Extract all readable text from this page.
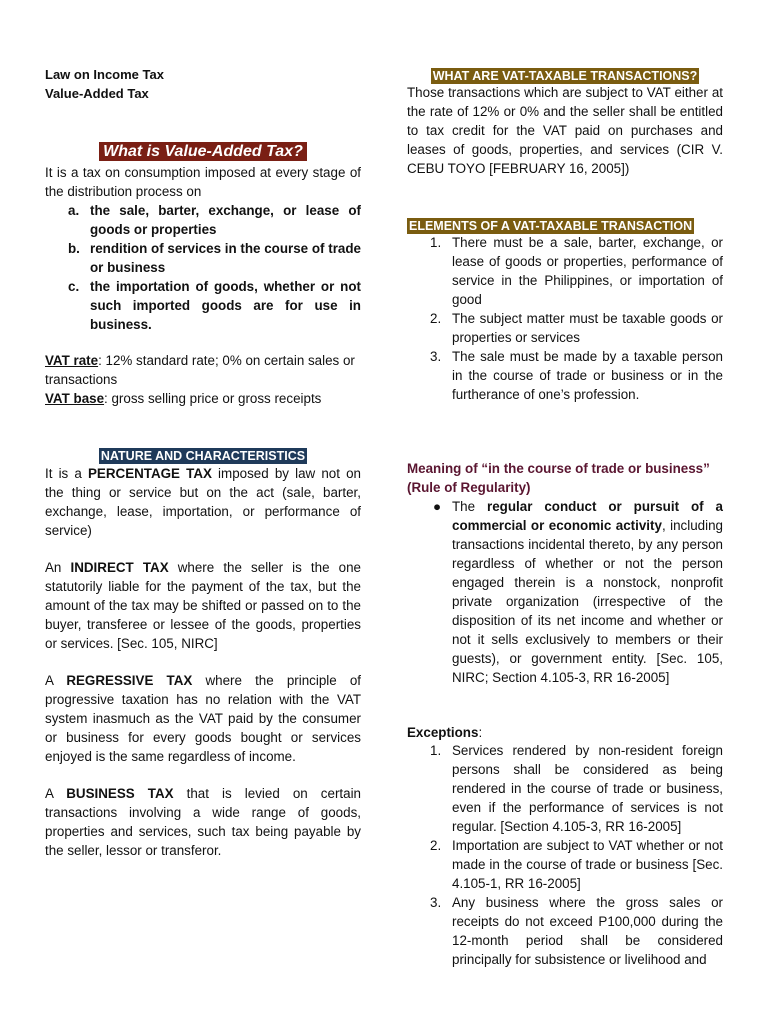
Law on Income Tax
Value-Added Tax
What is Value-Added Tax?

It is a tax on consumption imposed at every stage of the distribution process on

a. the sale, barter, exchange, or lease of goods or properties
b. rendition of services in the course of trade or business
c. the importation of goods, whether or not such imported goods are for use in business.

VAT rate: 12% standard rate; 0% on certain sales or transactions

VAT base: gross selling price or gross receipts

NATURE AND CHARACTERISTICS

It is a PERCENTAGE TAX imposed by law not on the thing or service but on the act (sale, barter, exchange, lease, importation, or performance of service)

An INDIRECT TAX where the seller is the one statutorily liable for the payment of the tax, but the amount of the tax may be shifted or passed on to the buyer, transferee or lessee of the goods, properties or services. [Sec. 105, NIRC]

A REGRESSIVE TAX where the principle of progressive taxation has no relation with the VAT system inasmuch as the VAT paid by the consumer or business for every goods bought or services enjoyed is the same regardless of income.

A BUSINESS TAX that is levied on certain transactions involving a wide range of goods, properties and services, such tax being payable by the seller, lessor or transferor.

WHAT ARE VAT-TAXABLE TRANSACTIONS?

Those transactions which are subject to VAT either at the rate of 12% or 0% and the seller shall be entitled to tax credit for the VAT paid on purchases and leases of goods, properties, and services (CIR V. CEBU TOYO [FEBRUARY 16, 2005])

ELEMENTS OF A VAT-TAXABLE TRANSACTION
1. There must be a sale, barter, exchange, or lease of goods or properties, performance of service in the Philippines, or importation of good
2. The subject matter must be taxable goods or properties or services
3. The sale must be made by a taxable person in the course of trade or business or in the furtherance of one’s profession.

Meaning of “in the course of trade or business” (Rule of Regularity)

● The regular conduct or pursuit of a commercial or economic activity, including transactions incidental thereto, by any person regardless of whether or not the person engaged therein is a nonstock, nonprofit private organization (irrespective of the disposition of its net income and whether or not it sells exclusively to members or their guests), or government entity. [Sec. 105, NIRC; Section 4.105-3, RR 16-2005]

Exceptions:

1. Services rendered by non-resident foreign persons shall be considered as being rendered in the course of trade or business, even if the performance of services is not regular. [Section 4.105-3, RR 16-2005]
2. Importation are subject to VAT whether or not made in the course of trade or business [Sec. 4.105-1, RR 16-2005]
3. Any business where the gross sales or receipts do not exceed P100,000 during the 12-month period shall be considered principally for subsistence or livelihood and
